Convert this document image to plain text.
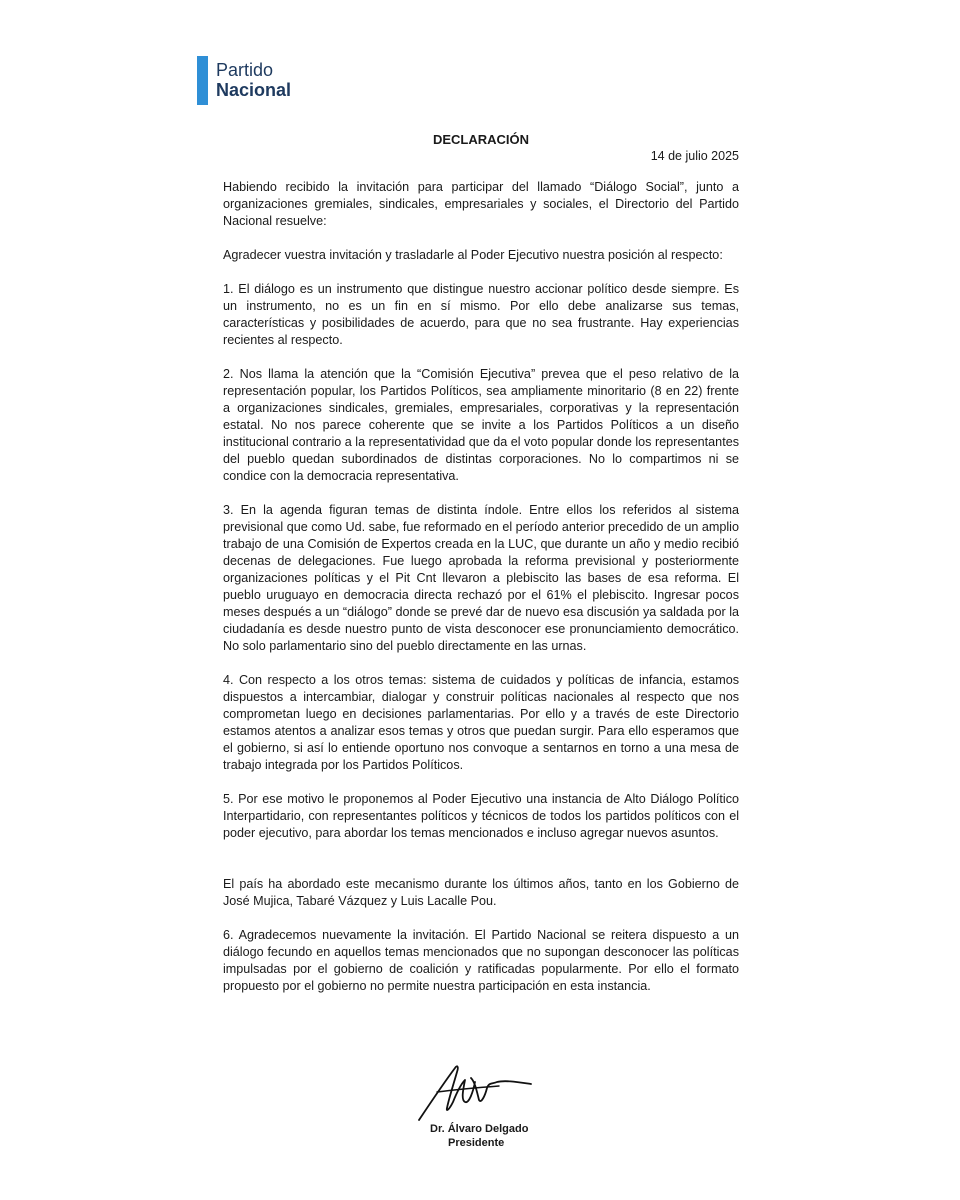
Partido
Nacional
DECLARACIÓN
14 de julio 2025

Habiendo recibido la invitación para participar del llamado “Diálogo Social”, junto a organizaciones gremiales, sindicales, empresariales y sociales, el Directorio del Partido Nacional resuelve:

Agradecer vuestra invitación y trasladarle al Poder Ejecutivo nuestra posición al respecto:

1. El diálogo es un instrumento que distingue nuestro accionar político desde siempre. Es un instrumento, no es un fin en sí mismo. Por ello debe analizarse sus temas, características y posibilidades de acuerdo, para que no sea frustrante. Hay experiencias recientes al respecto.

2. Nos llama la atención que la “Comisión Ejecutiva” prevea que el peso relativo de la representación popular, los Partidos Políticos, sea ampliamente minoritario (8 en 22) frente a organizaciones sindicales, gremiales, empresariales, corporativas y la representación estatal. No nos parece coherente que se invite a los Partidos Políticos a un diseño institucional contrario a la representatividad que da el voto popular donde los representantes del pueblo quedan subordinados de distintas corporaciones. No lo compartimos ni se condice con la democracia representativa.

3. En la agenda figuran temas de distinta índole. Entre ellos los referidos al sistema previsional que como Ud. sabe, fue reformado en el período anterior precedido de un amplio trabajo de una Comisión de Expertos creada en la LUC, que durante un año y medio recibió decenas de delegaciones. Fue luego aprobada la reforma previsional y posteriormente organizaciones políticas y el Pit Cnt llevaron a plebiscito las bases de esa reforma. El pueblo uruguayo en democracia directa rechazó por el 61% el plebiscito. Ingresar pocos meses después a un “diálogo” donde se prevé dar de nuevo esa discusión ya saldada por la ciudadanía es desde nuestro punto de vista desconocer ese pronunciamiento democrático. No solo parlamentario sino del pueblo directamente en las urnas.

4. Con respecto a los otros temas: sistema de cuidados y políticas de infancia, estamos dispuestos a intercambiar, dialogar y construir políticas nacionales al respecto que nos comprometan luego en decisiones parlamentarias. Por ello y a través de este Directorio estamos atentos a analizar esos temas y otros que puedan surgir. Para ello esperamos que el gobierno, si así lo entiende oportuno nos convoque a sentarnos en torno a una mesa de trabajo integrada por los Partidos Políticos.

5. Por ese motivo le proponemos al Poder Ejecutivo una instancia de Alto Diálogo Político Interpartidario, con representantes políticos y técnicos de todos los partidos políticos con el poder ejecutivo, para abordar los temas mencionados e incluso agregar nuevos asuntos.

El país ha abordado este mecanismo durante los últimos años, tanto en los Gobierno de José Mujica, Tabaré Vázquez y Luis Lacalle Pou.

6. Agradecemos nuevamente la invitación. El Partido Nacional se reitera dispuesto a un diálogo fecundo en aquellos temas mencionados que no supongan desconocer las políticas impulsadas por el gobierno de coalición y ratificadas popularmente. Por ello el formato propuesto por el gobierno no permite nuestra participación en esta instancia.

Dr. Álvaro Delgado
Presidente
